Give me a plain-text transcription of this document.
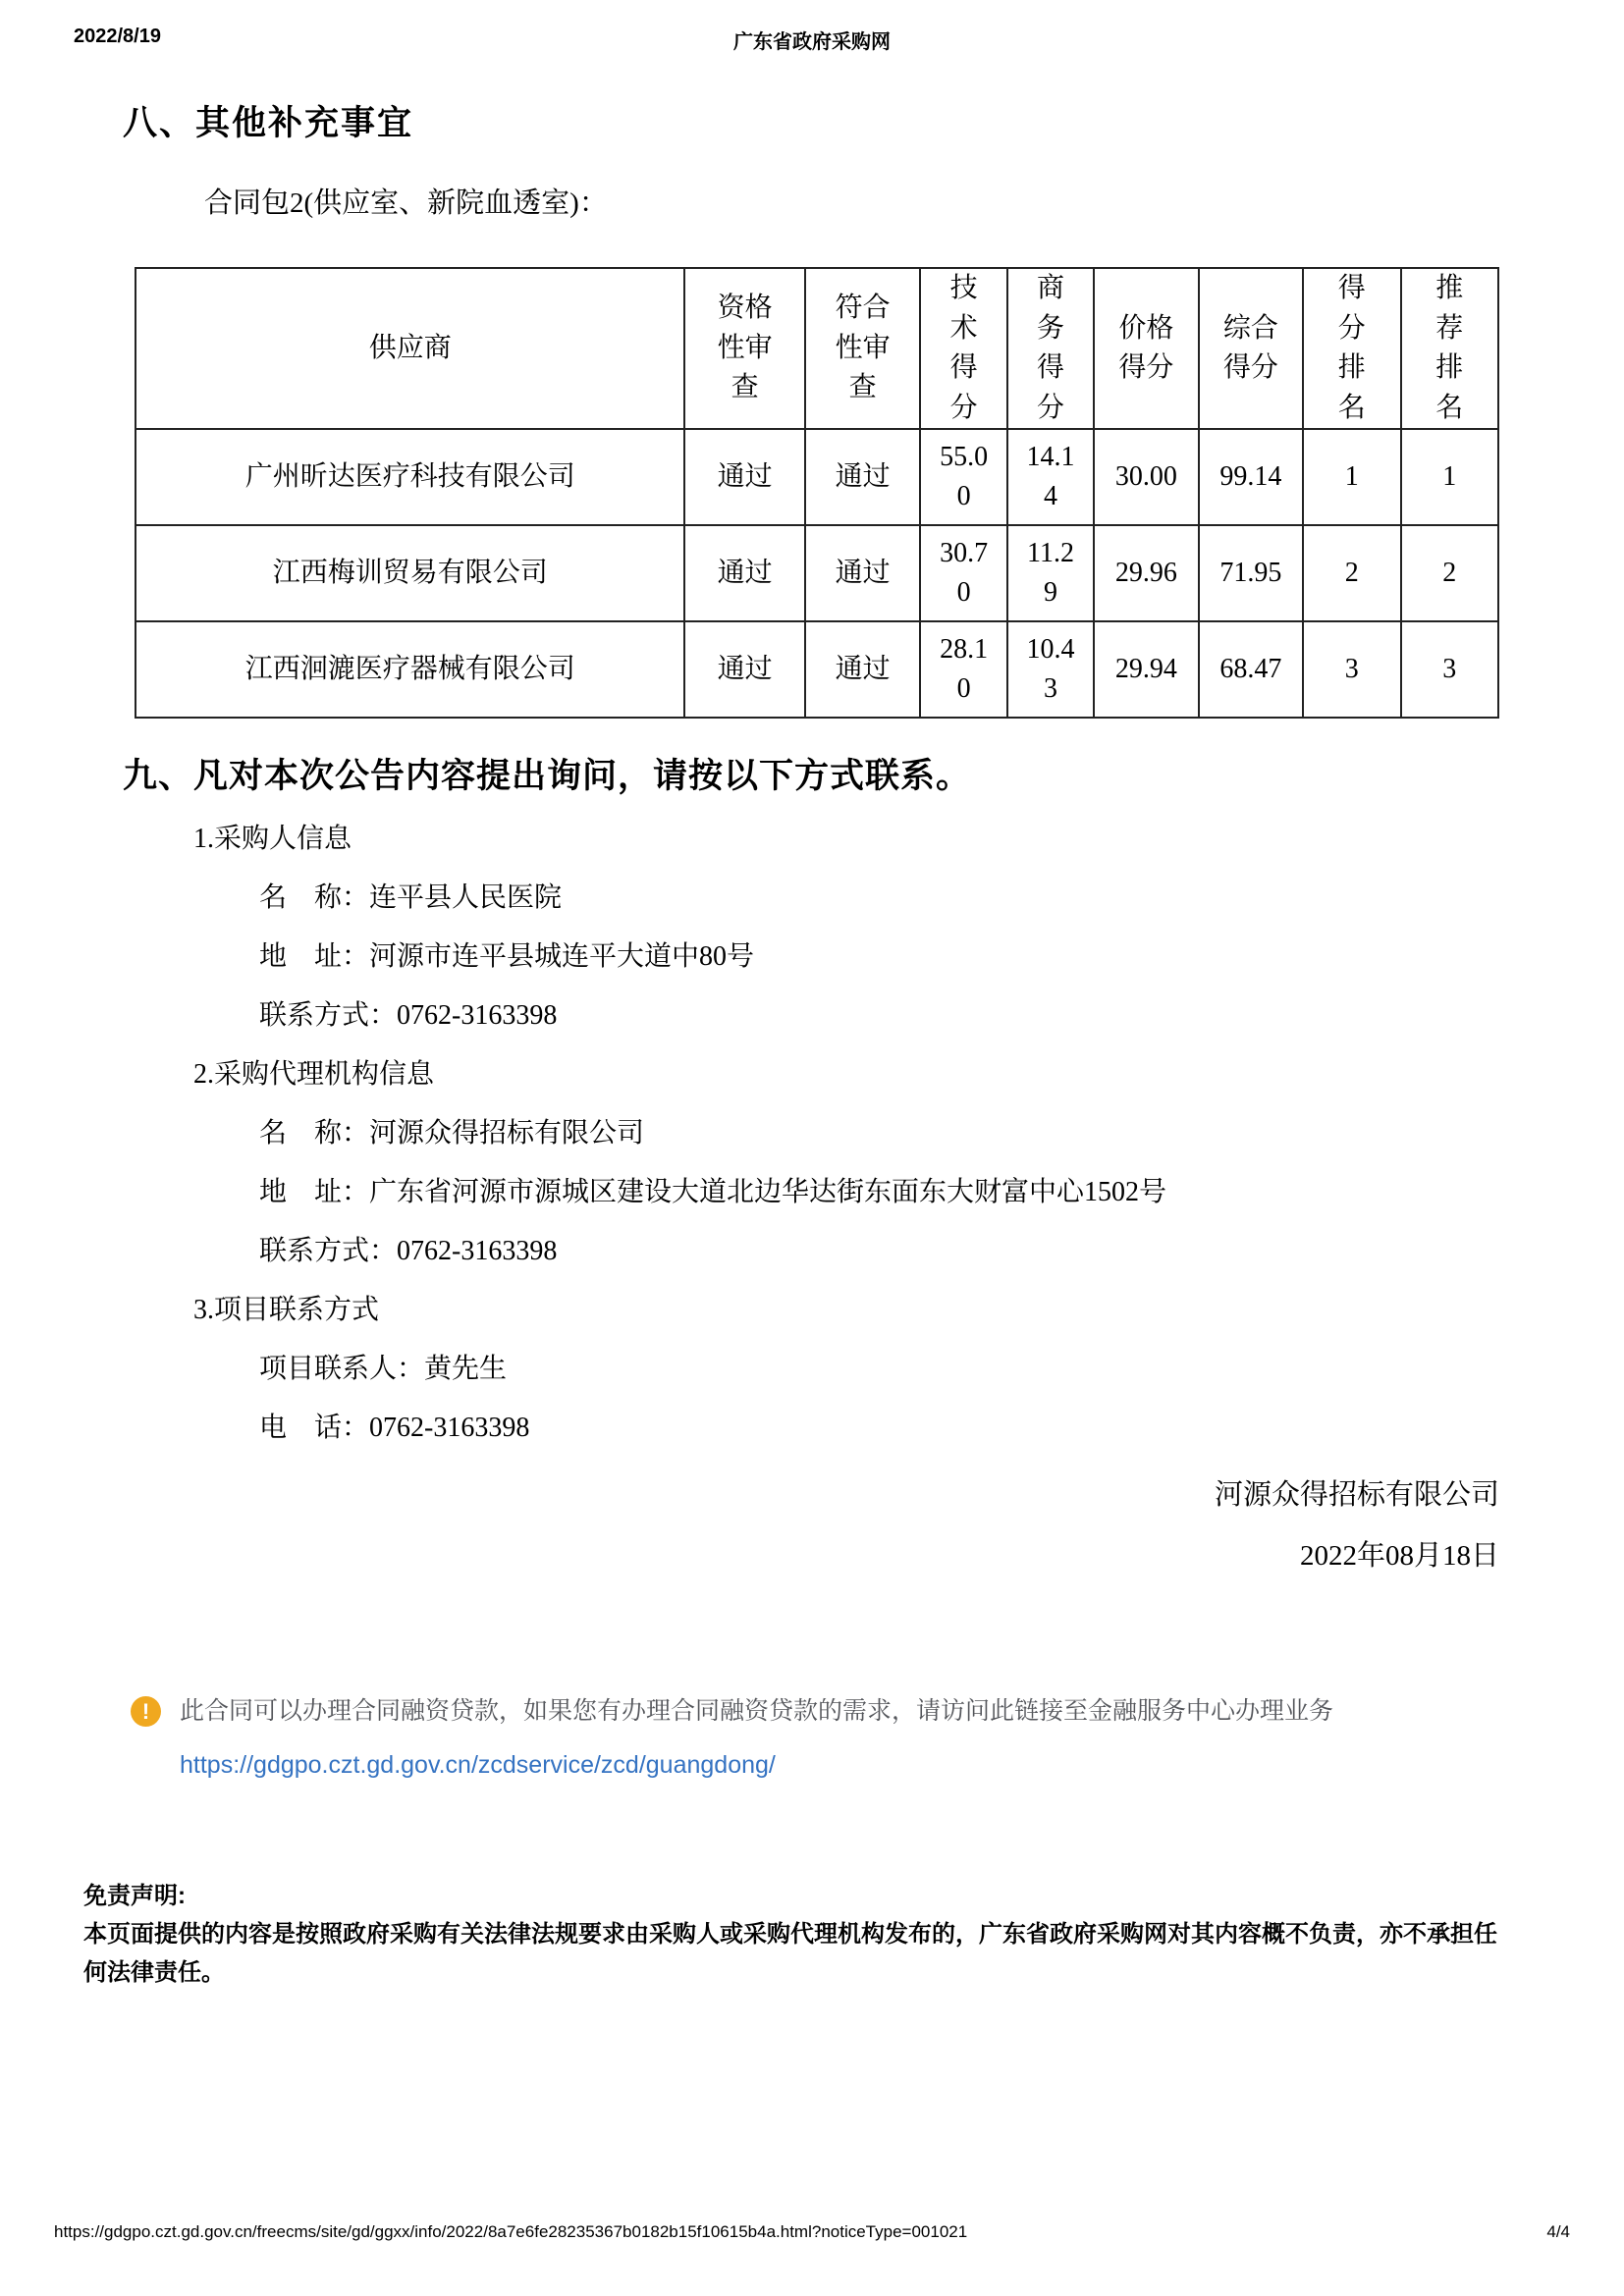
2022/8/19	广东省政府采购网
八、其他补充事宜
合同包2(供应室、新院血透室)：
供应商	资格性审查	符合性审查	技术得分	商务得分	价格得分	综合得分	得分排名	推荐排名
广州昕达医疗科技有限公司	通过	通过	55.00	14.14	30.00	99.14	1	1
江西梅训贸易有限公司	通过	通过	30.70	11.29	29.96	71.95	2	2
江西洄漉医疗器械有限公司	通过	通过	28.10	10.43	29.94	68.47	3	3
九、凡对本次公告内容提出询问，请按以下方式联系。
1.采购人信息
名　称：连平县人民医院
地　址：河源市连平县城连平大道中80号
联系方式：0762-3163398
2.采购代理机构信息
名　称：河源众得招标有限公司
地　址：广东省河源市源城区建设大道北边华达街东面东大财富中心1502号
联系方式：0762-3163398
3.项目联系方式
项目联系人：黄先生
电　话：0762-3163398
河源众得招标有限公司
2022年08月18日
!	此合同可以办理合同融资贷款，如果您有办理合同融资贷款的需求，请访问此链接至金融服务中心办理业务
https://gdgpo.czt.gd.gov.cn/zcdservice/zcd/guangdong/
免责声明:
本页面提供的内容是按照政府采购有关法律法规要求由采购人或采购代理机构发布的，广东省政府采购网对其内容概不负责，亦不承担任何法律责任。
https://gdgpo.czt.gd.gov.cn/freecms/site/gd/ggxx/info/2022/8a7e6fe28235367b0182b15f10615b4a.html?noticeType=001021	4/4
